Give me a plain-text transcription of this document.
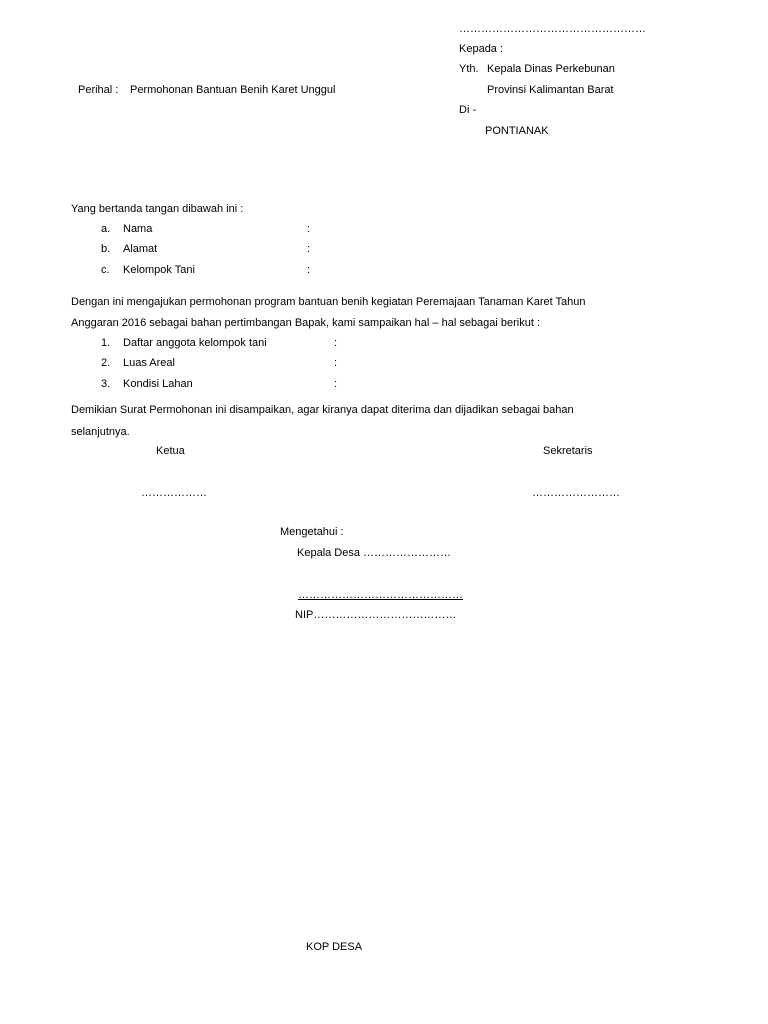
……………………………………………
Kepada :
Yth. Kepala Dinas Perkebunan
Provinsi Kalimantan Barat
Di -
PONTIANAK
Perihal : Permohonan Bantuan Benih Karet Unggul
Yang bertanda tangan dibawah ini :
a. Nama	:
b. Alamat	:
c. Kelompok Tani	:
Dengan ini mengajukan permohonan program bantuan benih kegiatan Peremajaan Tanaman Karet Tahun
Anggaran 2016 sebagai bahan pertimbangan Bapak, kami sampaikan hal – hal sebagai berikut :
1. Daftar anggota kelompok tani	:
2. Luas Areal	:
3. Kondisi Lahan	:
Demikian Surat Permohonan ini disampaikan, agar kiranya dapat diterima dan dijadikan sebagai bahan
selanjutnya.
Ketua	Sekretaris
………………	……………………
Mengetahui :
Kepala Desa ……………………
………………………………………
NIP…………………………………
KOP DESA
